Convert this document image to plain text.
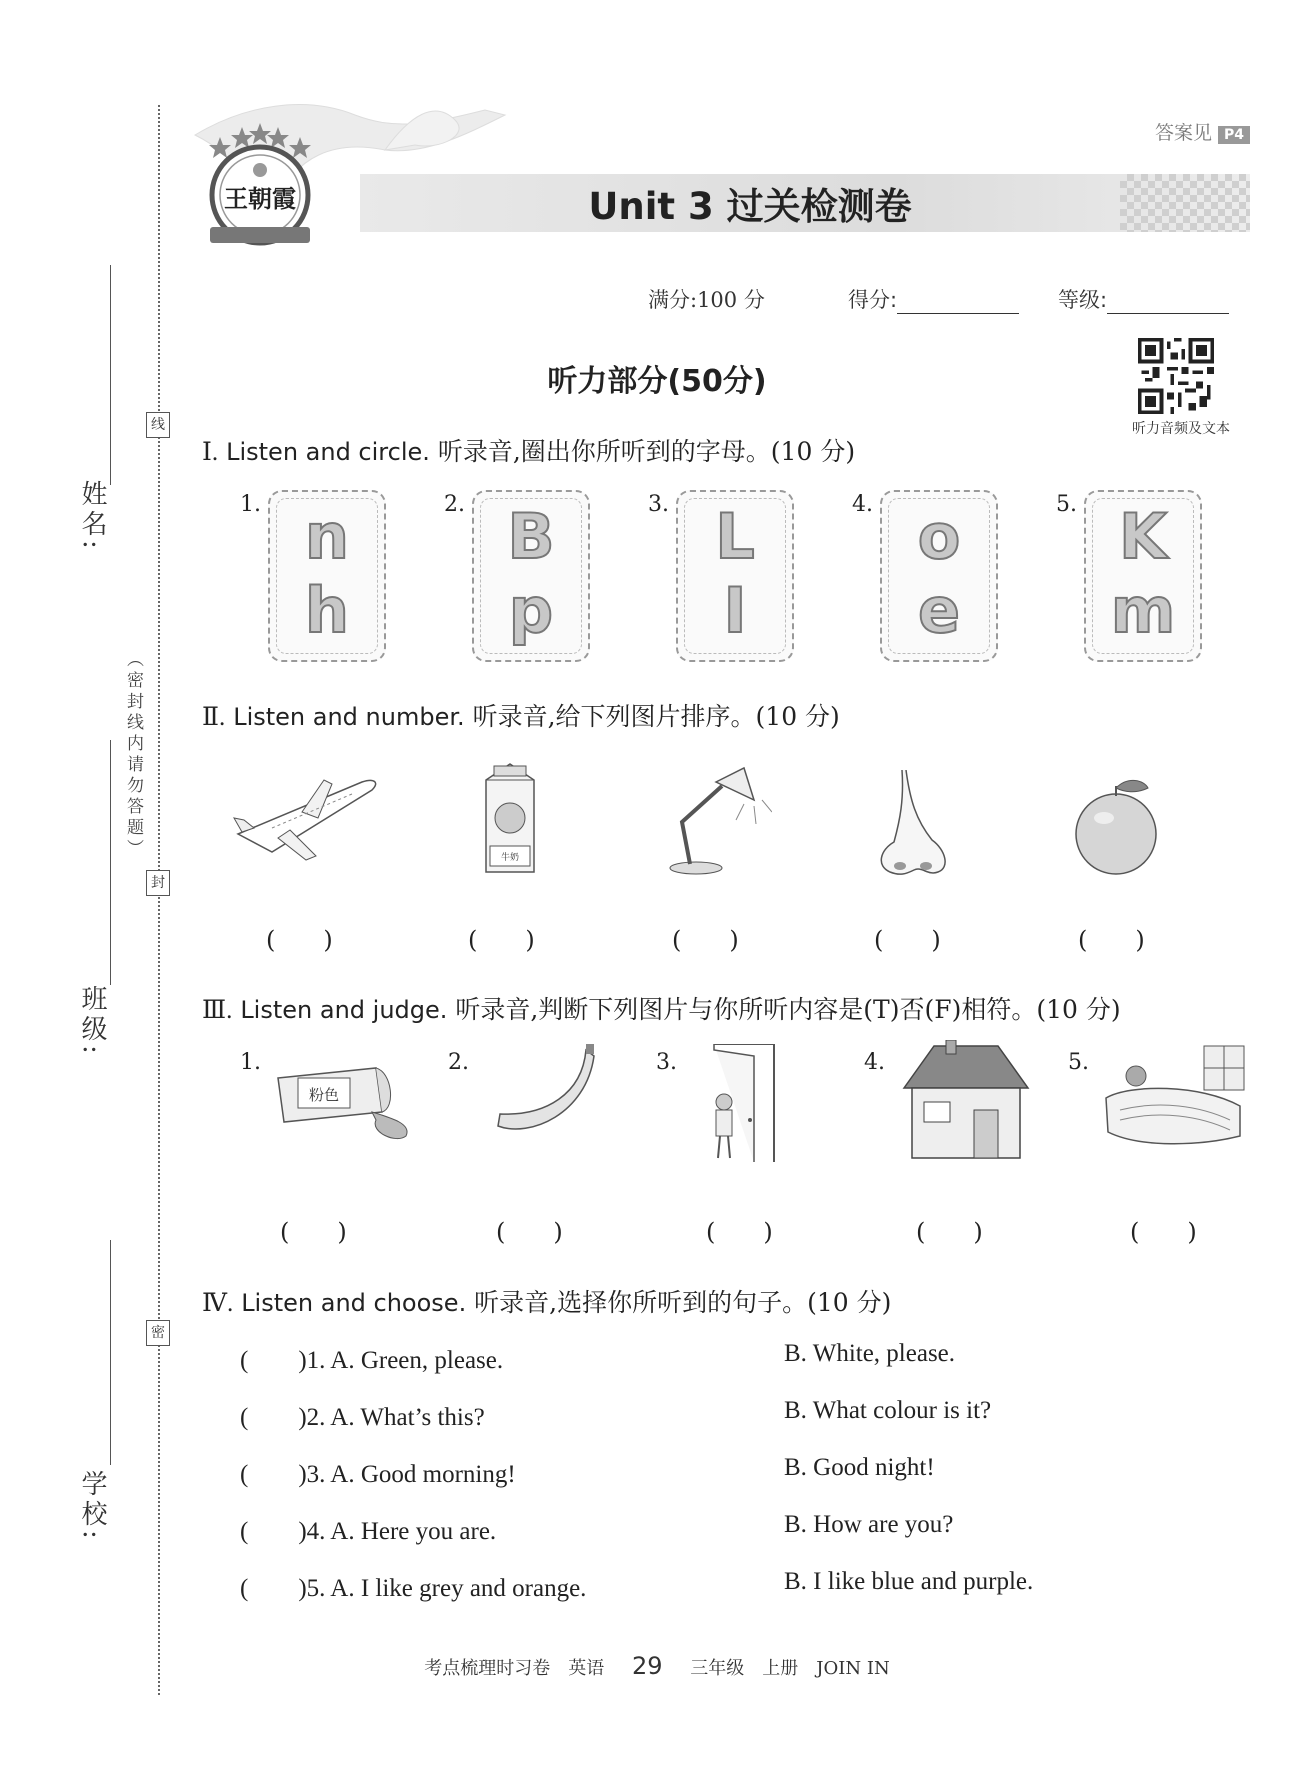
姓名:
线
（密封线内请勿答题）
封
班级:
密
学校:
王朝霞
答案见 P4
Unit 3 过关检测卷
满分:100 分	得分:	等级:
听力部分(50分)
听力音频及文本
Ⅰ. Listen and circle. 听录音,圈出你所听到的字母。(10 分)
1. n
h
2. B
p
3. L
I
4. o
e
5. K
m
Ⅱ. Listen and number. 听录音,给下列图片排序。(10 分)
牛奶
(　　)	(　　)	(　　)	(　　)	(　　)
Ⅲ. Listen and judge. 听录音,判断下列图片与你所听内容是(T)否(F)相符。(10 分)
1.
粉色
2.	3.	4.	5.
(　　)	(　　)	(　　)	(　　)	(　　)
Ⅳ. Listen and choose. 听录音,选择你所听到的句子。(10 分)
(　　)1. A. Green, please.	B. White, please.
(　　)2. A. What’s this?	B. What colour is it?
(　　)3. A. Good morning!	B. Good night!
(　　)4. A. Here you are.	B. How are you?
(　　)5. A. I like grey and orange.	B. I like blue and purple.
考点梳理时习卷　英语 29 三年级　上册　JOIN IN
